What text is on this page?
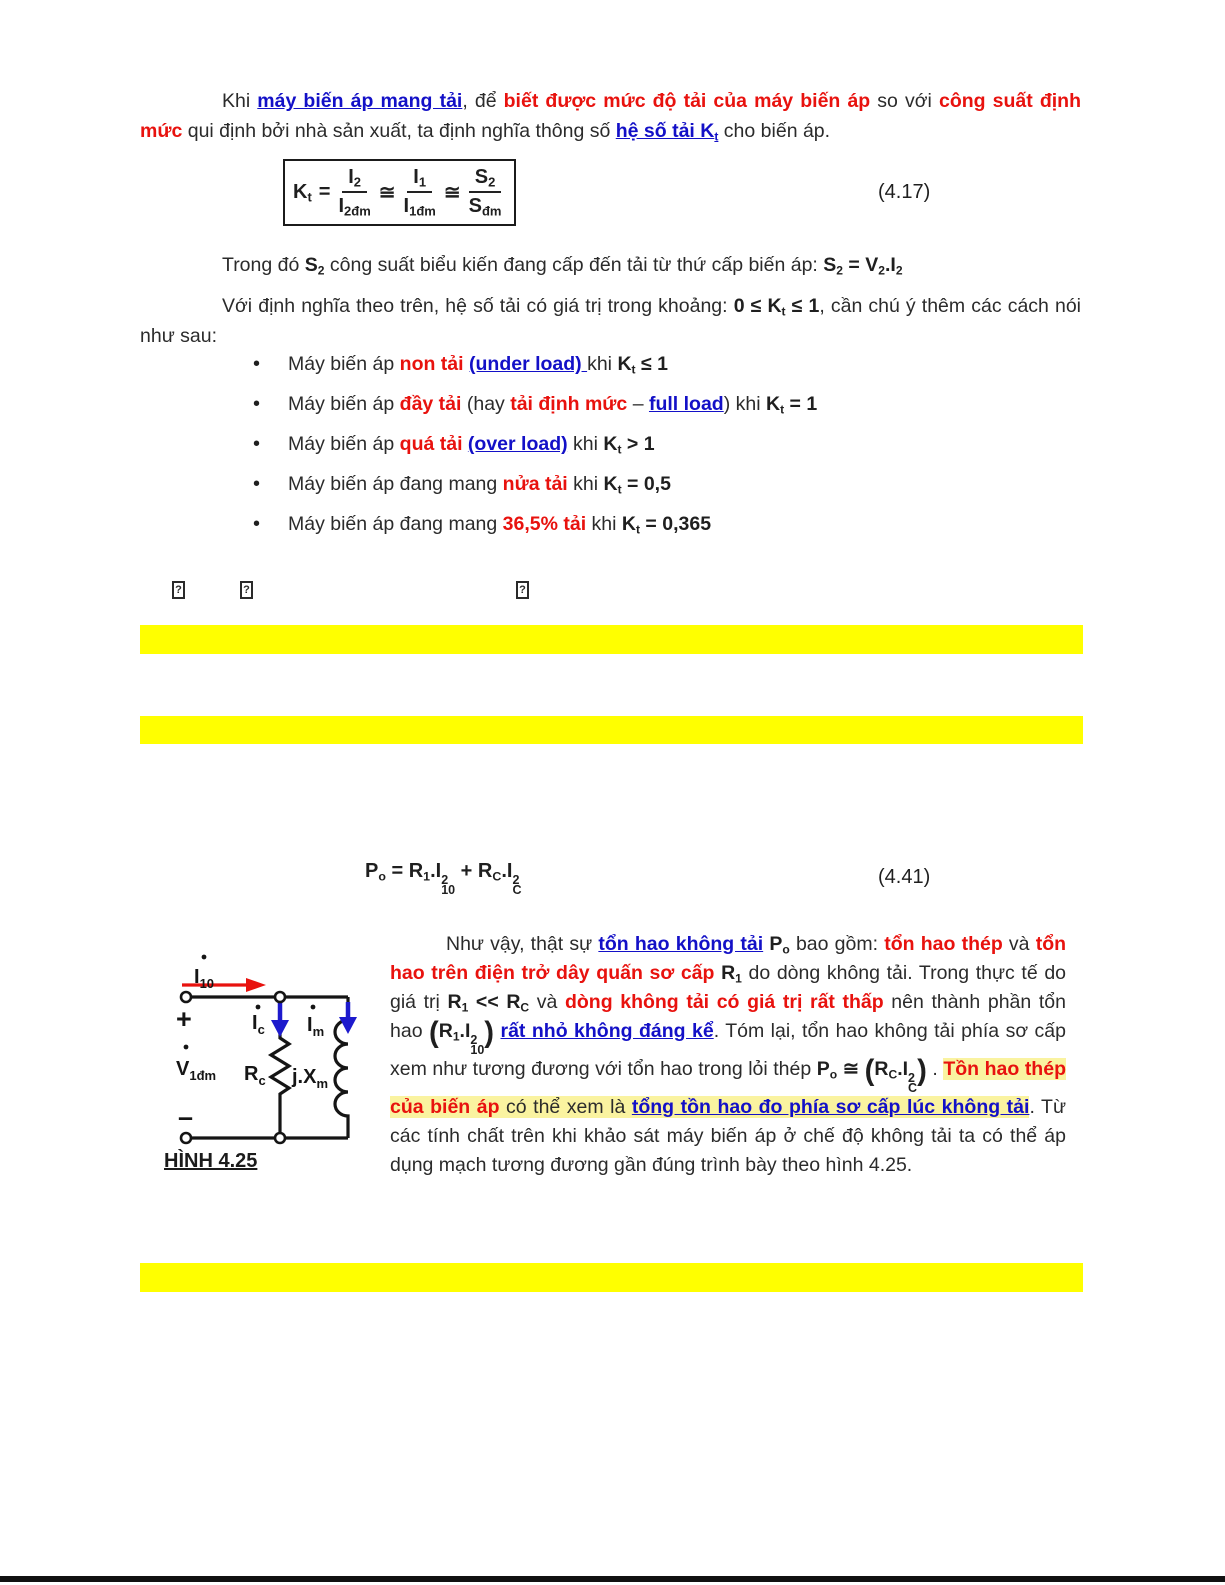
Khi máy biến áp mang tải, để biết được mức độ tải của máy biến áp so với công suất định mức qui định bởi nhà sản xuất, ta định nghĩa thông số hệ số tải $K_t$ cho biến áp.
$K_t = \frac{I_2}{I_{2đm}}$ ≅ $\frac{I_1}{I_{1đm}}$ ≅ $\frac{S_2}{S_{đm}}$	(4.17)
Trong đó $S_2$ công suất biểu kiến đang cấp đến tải từ thứ cấp biến áp: $S_2 = V_2.I_2$
Với định nghĩa theo trên, hệ số tải có giá trị trong khoảng: $0 \le K_t \le 1$, cần chú ý thêm các cách nói như sau:
• Máy biến áp non tải (under load) khi $K_t \le 1$
• Máy biến áp đầy tải (hay tải định mức – full load) khi $K_t = 1$
• Máy biến áp quá tải (over load) khi $K_t > 1$
• Máy biến áp đang mang nửa tải khi $K_t = 0,5$
• Máy biến áp đang mang 36,5% tải khi $K_t = 0,365$
?	?	?
$P_o = R_1.I$ 2
10
+ $R_C.I$ 2
C
(4.41)
$I_{10}$
+	$I_c$ $I_m$
$V_{1đm}$ $R_c$ $j.X_m$
–
HÌNH 4.25
Như vậy, thật sự tổn hao không tải $P_o$ bao gồm: tổn hao thép và tổn hao trên điện trở dây quấn sơ cấp $R_1$ do dòng không tải. Trong thực tế do giá trị $R_1 << R_C$ và dòng không tải có giá trị rất thấp nên thành phần tổn hao ($R_1.I$ 2
10
) rất nhỏ không đáng kể. Tóm lại, tổn hao không tải phía sơ cấp xem như tương đương với tổn hao trong lỏi thép $P_o$ ≅ ($R_C.I$ 2
C
) . Tồn hao thép của biến áp có thể xem là tổng tồn hao đo phía sơ cấp lúc không tải. Từ các tính chất trên khi khảo sát máy biến áp ở chế độ không tải ta có thể áp dụng mạch tương đương gần đúng trình bày theo hình 4.25.
